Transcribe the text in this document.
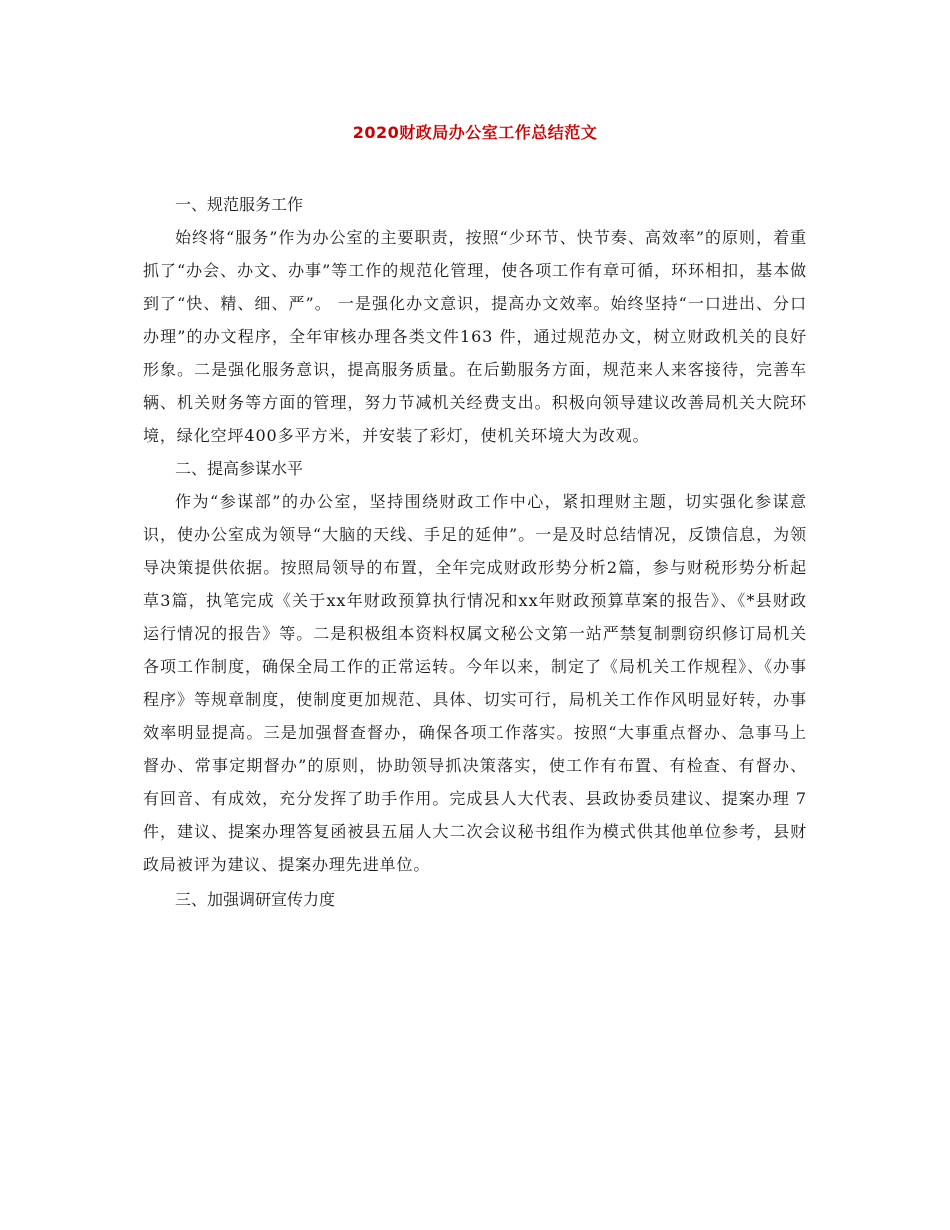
2020财政局办公室工作总结范文

一、规范服务工作

始终将“服务”作为办公室的主要职责，按照“少环节、快节奏、高效率”的原则，着重抓了“办会、办文、办事”等工作的规范化管理，使各项工作有章可循，环环相扣，基本做到了“快、精、细、严”。 一是强化办文意识，提高办文效率。始终坚持“一口进出、分口办理”的办文程序，全年审核办理各类文件163 件，通过规范办文，树立财政机关的良好形象。二是强化服务意识，提高服务质量。在后勤服务方面，规范来人来客接待，完善车辆、机关财务等方面的管理，努力节减机关经费支出。积极向领导建议改善局机关大院环境，绿化空坪400多平方米，并安装了彩灯，使机关环境大为改观。

二、提高参谋水平

作为“参谋部”的办公室，坚持围绕财政工作中心，紧扣理财主题，切实强化参谋意识，使办公室成为领导“大脑的天线、手足的延伸”。一是及时总结情况，反馈信息，为领导决策提供依据。按照局领导的布置，全年完成财政形势分析2篇，参与财税形势分析起草3篇，执笔完成《关于xx年财政预算执行情况和xx年财政预算草案的报告》、《*县财政运行情况的报告》等。二是积极组本资料权属文秘公文第一站严禁复制剽窃织修订局机关各项工作制度，确保全局工作的正常运转。今年以来，制定了《局机关工作规程》、《办事程序》等规章制度，使制度更加规范、具体、切实可行，局机关工作作风明显好转，办事效率明显提高。三是加强督查督办，确保各项工作落实。按照“大事重点督办、急事马上督办、常事定期督办”的原则，协助领导抓决策落实，使工作有布置、有检查、有督办、有回音、有成效，充分发挥了助手作用。完成县人大代表、县政协委员建议、提案办理 7件，建议、提案办理答复函被县五届人大二次会议秘书组作为模式供其他单位参考，县财政局被评为建议、提案办理先进单位。

三、加强调研宣传力度
